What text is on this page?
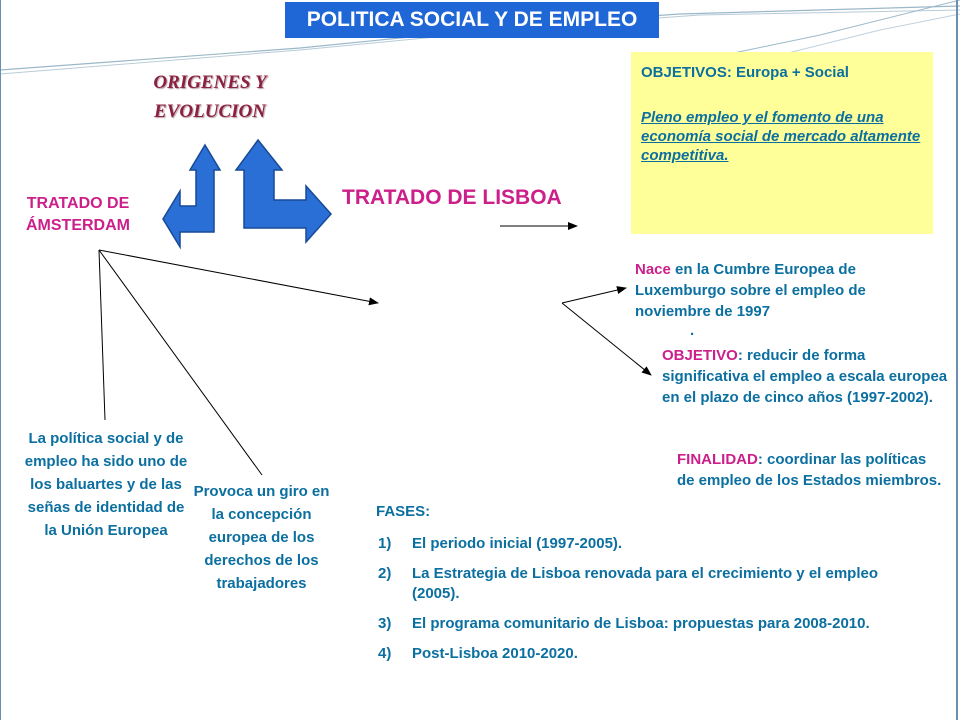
POLITICA SOCIAL Y DE EMPLEO
ORIGENES Y
EVOLUCION
TRATADO DE
ÁMSTERDAM
TRATADO DE LISBOA
OBJETIVOS: Europa + Social
Pleno empleo y el fomento de una economía social de mercado altamente competitiva.
Nace en la Cumbre Europea de Luxemburgo sobre el empleo de noviembre de 1997
.
OBJETIVO: reducir de forma significativa el empleo a escala europea en el plazo de cinco años (1997-2002).
FINALIDAD: coordinar las políticas de empleo de los Estados miembros.
La política social y de empleo ha sido uno de los baluartes y de las señas de identidad de la Unión Europea
Provoca un giro en la concepción europea de los derechos de los trabajadores
FASES:
1)	El periodo inicial (1997-2005).
2)	La Estrategia de Lisboa renovada para el crecimiento y el empleo (2005).
3)	El programa comunitario de Lisboa: propuestas para 2008-2010.
4)	Post-Lisboa 2010-2020.
